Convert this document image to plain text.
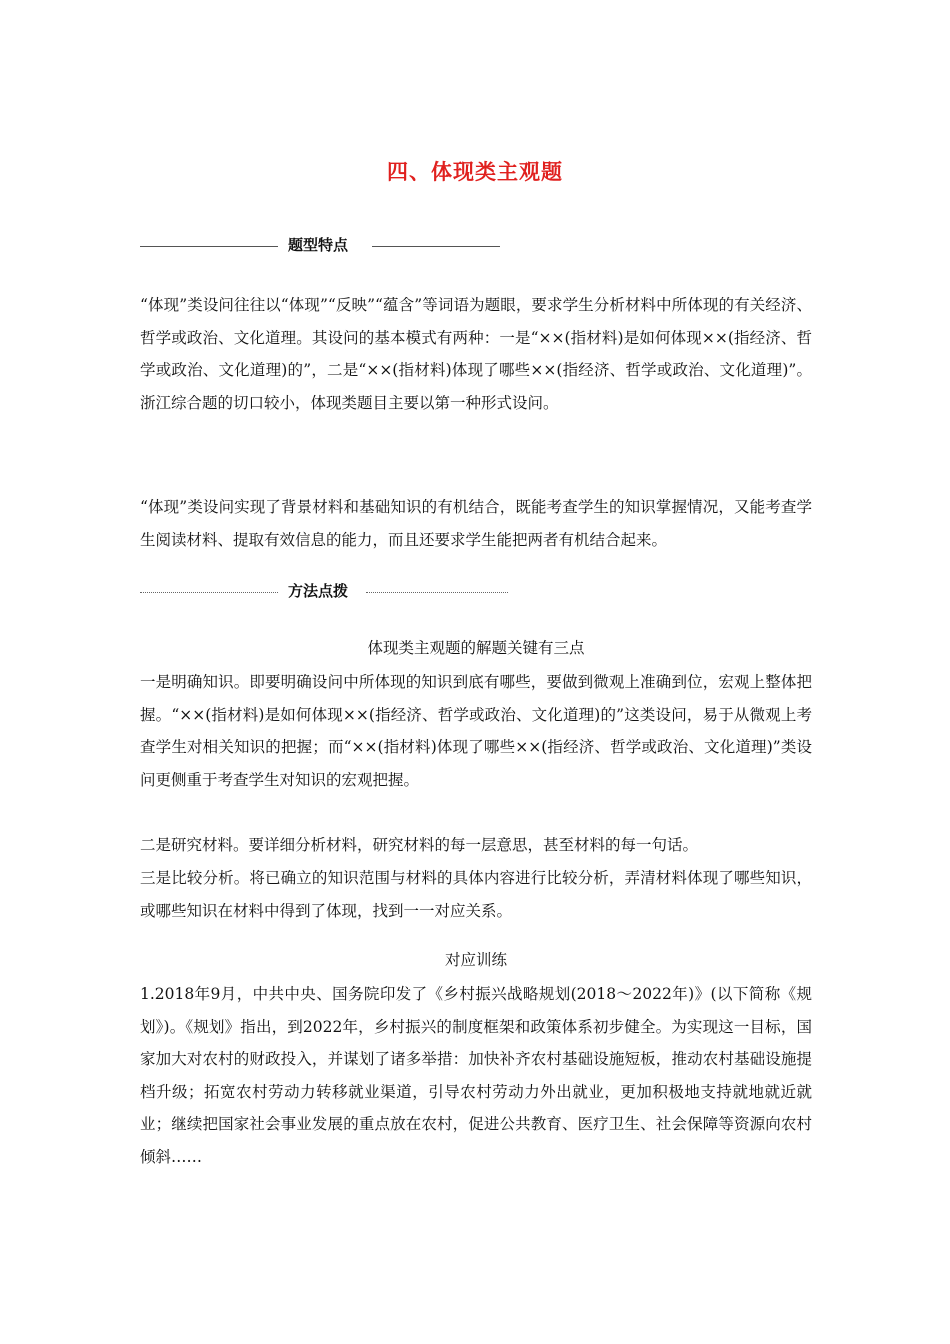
四、体现类主观题
题型特点

“体现”类设问往往以“体现”“反映”“蕴含”等词语为题眼，要求学生分析材料中所体现的有关经济、哲学或政治、文化道理。其设问的基本模式有两种：一是“××(指材料)是如何体现××(指经济、哲学或政治、文化道理)的”，二是“××(指材料)体现了哪些××(指经济、哲学或政治、文化道理)”。浙江综合题的切口较小，体现类题目主要以第一种形式设问。

“体现”类设问实现了背景材料和基础知识的有机结合，既能考查学生的知识掌握情况，又能考查学生阅读材料、提取有效信息的能力，而且还要求学生能把两者有机结合起来。

方法点拨

体现类主观题的解题关键有三点

一是明确知识。即要明确设问中所体现的知识到底有哪些，要做到微观上准确到位，宏观上整体把握。“××(指材料)是如何体现××(指经济、哲学或政治、文化道理)的”这类设问，易于从微观上考查学生对相关知识的把握；而“××(指材料)体现了哪些××(指经济、哲学或政治、文化道理)”类设问更侧重于考查学生对知识的宏观把握。

二是研究材料。要详细分析材料，研究材料的每一层意思，甚至材料的每一句话。

三是比较分析。将已确立的知识范围与材料的具体内容进行比较分析，弄清材料体现了哪些知识，或哪些知识在材料中得到了体现，找到一一对应关系。

对应训练

1.2018年9月，中共中央、国务院印发了《乡村振兴战略规划(2018～2022年)》(以下简称《规划》)。《规划》指出，到2022年，乡村振兴的制度框架和政策体系初步健全。为实现这一目标，国家加大对农村的财政投入，并谋划了诸多举措：加快补齐农村基础设施短板，推动农村基础设施提档升级；拓宽农村劳动力转移就业渠道，引导农村劳动力外出就业，更加积极地支持就地就近就业；继续把国家社会事业发展的重点放在农村，促进公共教育、医疗卫生、社会保障等资源向农村倾斜……
